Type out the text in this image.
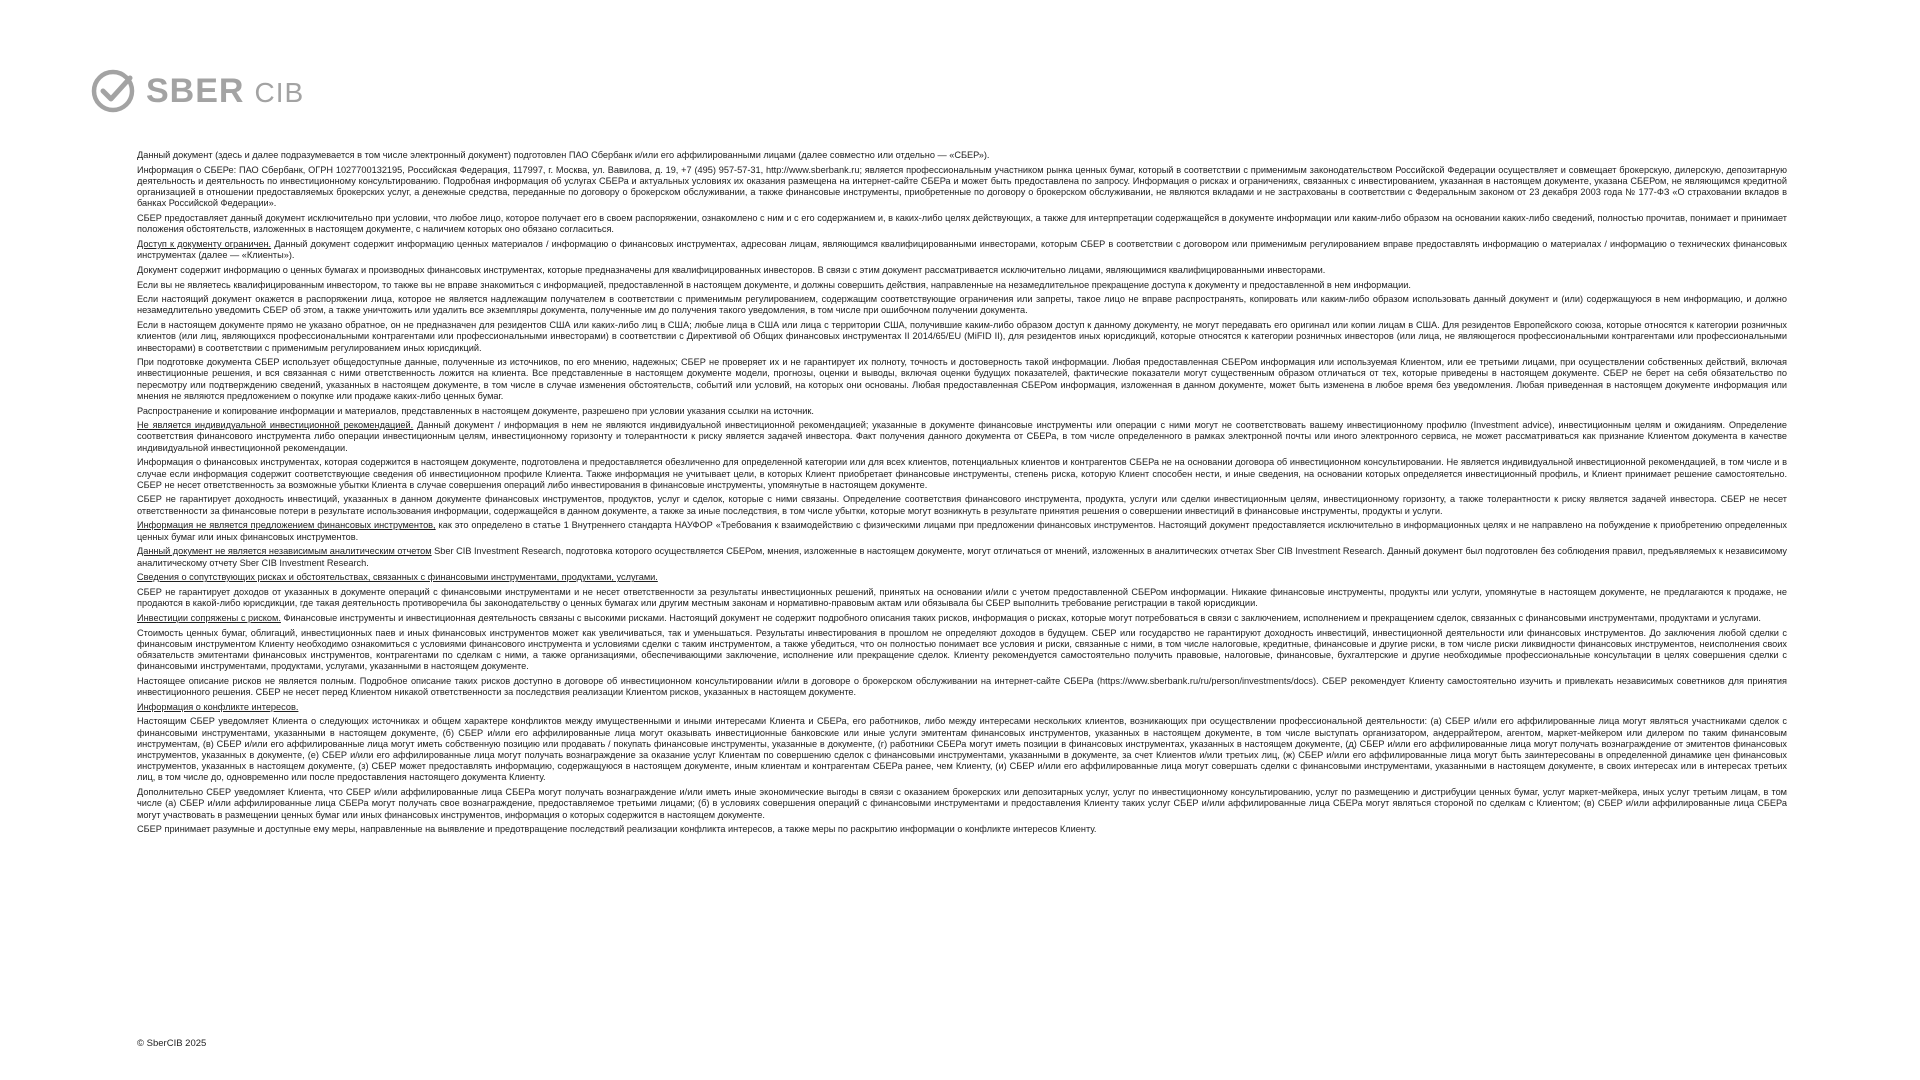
SBER CIB

Данный документ (здесь и далее подразумевается в том числе электронный документ) подготовлен ПАО Сбербанк и/или его аффилированными лицами (далее совместно или отдельно — «СБЕР»).

Информация о СБЕРе: ПАО Сбербанк, ОГРН 1027700132195, Российская Федерация, 117997, г. Москва, ул. Вавилова, д. 19, +7 (495) 957-57-31, http://www.sberbank.ru; является профессиональным участником рынка ценных бумаг, который в соответствии с применимым законодательством Российской Федерации осуществляет и совмещает брокерскую, дилерскую, депозитарную деятельность и деятельность по инвестиционному консультированию. Подробная информация об услугах СБЕРа и актуальных условиях их оказания размещена на интернет-сайте СБЕРа и может быть предоставлена по запросу. Информация о рисках и ограничениях, связанных с инвестированием, указанная в настоящем документе, указана СБЕРом, не являющимся кредитной организацией в отношении предоставляемых брокерских услуг, а денежные средства, переданные по договору о брокерском обслуживании, а также финансовые инструменты, приобретенные по договору о брокерском обслуживании, не являются вкладами и не застрахованы в соответствии с Федеральным законом от 23 декабря 2003 года № 177-ФЗ «О страховании вкладов в банках Российской Федерации».

СБЕР предоставляет данный документ исключительно при условии, что любое лицо, которое получает его в своем распоряжении, ознакомлено с ним и с его содержанием и, в каких-либо целях действующих, а также для интерпретации содержащейся в документе информации или каким-либо образом на основании каких-либо сведений, полностью прочитав, понимает и принимает положения обстоятельств, изложенных в настоящем документе, с наличием которых оно обязано согласиться.

Доступ к документу ограничен. Данный документ содержит информацию ценных материалов / информацию о финансовых инструментах, адресован лицам, являющимся квалифицированными инвесторами, которым СБЕР в соответствии с договором или применимым регулированием вправе предоставлять информацию о материалах / информацию о технических финансовых инструментах (далее — «Клиенты»).

Документ содержит информацию о ценных бумагах и производных финансовых инструментах, которые предназначены для квалифицированных инвесторов. В связи с этим документ рассматривается исключительно лицами, являющимися квалифицированными инвесторами.

Если вы не являетесь квалифицированным инвестором, то также вы не вправе знакомиться с информацией, предоставленной в настоящем документе, и должны совершить действия, направленные на незамедлительное прекращение доступа к документу и предоставленной в нем информации.

Если настоящий документ окажется в распоряжении лица, которое не является надлежащим получателем в соответствии с применимым регулированием, содержащим соответствующие ограничения или запреты, такое лицо не вправе распространять, копировать или каким-либо образом использовать данный документ и (или) содержащуюся в нем информацию, и должно незамедлительно уведомить СБЕР об этом, а также уничтожить или удалить все экземпляры документа, полученные им до получения такого уведомления, в том числе при ошибочном получении документа.

Если в настоящем документе прямо не указано обратное, он не предназначен для резидентов США или каких-либо лиц в США; любые лица в США или лица с территории США, получившие каким-либо образом доступ к данному документу, не могут передавать его оригинал или копии лицам в США. Для резидентов Европейского союза, которые относятся к категории розничных клиентов (или лиц, являющихся профессиональными контрагентами или профессиональными инвесторами) в соответствии с Директивой об Общих финансовых инструментах II 2014/65/EU (MiFID II), для резидентов иных юрисдикций, которые относятся к категории розничных инвесторов (или лица, не являющегося профессиональными контрагентами или профессиональными инвесторами) в соответствии с применимым регулированием иных юрисдикций.

При подготовке документа СБЕР использует общедоступные данные, полученные из источников, по его мнению, надежных; СБЕР не проверяет их и не гарантирует их полноту, точность и достоверность такой информации. Любая предоставленная СБЕРом информация или используемая Клиентом, или ее третьими лицами, при осуществлении собственных действий, включая инвестиционные решения, и вся связанная с ними ответственность ложится на клиента. Все представленные в настоящем документе модели, прогнозы, оценки и выводы, включая оценки будущих показателей, фактические показатели могут существенным образом отличаться от тех, которые приведены в настоящем документе. СБЕР не берет на себя обязательство по пересмотру или подтверждению сведений, указанных в настоящем документе, в том числе в случае изменения обстоятельств, событий или условий, на которых они основаны. Любая предоставленная СБЕРом информация, изложенная в данном документе, может быть изменена в любое время без уведомления. Любая приведенная в настоящем документе информация или мнения не являются предложением о покупке или продаже каких-либо ценных бумаг.

Распространение и копирование информации и материалов, представленных в настоящем документе, разрешено при условии указания ссылки на источник.

Не является индивидуальной инвестиционной рекомендацией. Данный документ / информация в нем не являются индивидуальной инвестиционной рекомендацией; указанные в документе финансовые инструменты или операции с ними могут не соответствовать вашему инвестиционному профилю (Investment advice), инвестиционным целям и ожиданиям. Определение соответствия финансового инструмента либо операции инвестиционным целям, инвестиционному горизонту и толерантности к риску является задачей инвестора. Факт получения данного документа от СБЕРа, в том числе определенного в рамках электронной почты или иного электронного сервиса, не может рассматриваться как признание Клиентом документа в качестве индивидуальной инвестиционной рекомендации.

Информация о финансовых инструментах, которая содержится в настоящем документе, подготовлена и предоставляется обезличенно для определенной категории или для всех клиентов, потенциальных клиентов и контрагентов СБЕРа не на основании договора об инвестиционном консультировании. Не является индивидуальной инвестиционной рекомендацией, в том числе и в случае если информация содержит соответствующие сведения об инвестиционном профиле Клиента. Также информация не учитывает цели, в которых Клиент приобретает финансовые инструменты, степень риска, которую Клиент способен нести, и иные сведения, на основании которых определяется инвестиционный профиль, и Клиент принимает решение самостоятельно. СБЕР не несет ответственность за возможные убытки Клиента в случае совершения операций либо инвестирования в финансовые инструменты, упомянутые в настоящем документе.

СБЕР не гарантирует доходность инвестиций, указанных в данном документе финансовых инструментов, продуктов, услуг и сделок, которые с ними связаны. Определение соответствия финансового инструмента, продукта, услуги или сделки инвестиционным целям, инвестиционному горизонту, а также толерантности к риску является задачей инвестора. СБЕР не несет ответственности за финансовые потери в результате использования информации, содержащейся в данном документе, а также за иные последствия, в том числе убытки, которые могут возникнуть в результате принятия решения о совершении инвестиций в финансовые инструменты, продукты и услуги.

Информация не является предложением финансовых инструментов, как это определено в статье 1 Внутреннего стандарта НАУФОР «Требования к взаимодействию с физическими лицами при предложении финансовых инструментов. Настоящий документ предоставляется исключительно в информационных целях и не направлено на побуждение к приобретению определенных ценных бумаг или иных финансовых инструментов.

Данный документ не является независимым аналитическим отчетом Sber CIB Investment Research, подготовка которого осуществляется СБЕРом, мнения, изложенные в настоящем документе, могут отличаться от мнений, изложенных в аналитических отчетах Sber CIB Investment Research. Данный документ был подготовлен без соблюдения правил, предъявляемых к независимому аналитическому отчету Sber CIB Investment Research.

Сведения о сопутствующих рисках и обстоятельствах, связанных с финансовыми инструментами, продуктами, услугами.

СБЕР не гарантирует доходов от указанных в документе операций с финансовыми инструментами и не несет ответственности за результаты инвестиционных решений, принятых на основании и/или с учетом предоставленной СБЕРом информации. Никакие финансовые инструменты, продукты или услуги, упомянутые в настоящем документе, не предлагаются к продаже, не продаются в какой-либо юрисдикции, где такая деятельность противоречила бы законодательству о ценных бумагах или другим местным законам и нормативно-правовым актам или обязывала бы СБЕР выполнить требование регистрации в такой юрисдикции.

Инвестиции сопряжены с риском. Финансовые инструменты и инвестиционная деятельность связаны с высокими рисками. Настоящий документ не содержит подробного описания таких рисков, информация о рисках, которые могут потребоваться в связи с заключением, исполнением и прекращением сделок, связанных с финансовыми инструментами, продуктами и услугами.

Стоимость ценных бумаг, облигаций, инвестиционных паев и иных финансовых инструментов может как увеличиваться, так и уменьшаться. Результаты инвестирования в прошлом не определяют доходов в будущем. СБЕР или государство не гарантируют доходность инвестиций, инвестиционной деятельности или финансовых инструментов. До заключения любой сделки с финансовым инструментом Клиенту необходимо ознакомиться с условиями финансового инструмента и условиями сделки с таким инструментом, а также убедиться, что он полностью понимает все условия и риски, связанные с ними, в том числе налоговые, кредитные, финансовые и другие риски, в том числе риски ликвидности финансовых инструментов, неисполнения своих обязательств эмитентами финансовых инструментов, контрагентами по сделкам с ними, а также организациями, обеспечивающими заключение, исполнение или прекращение сделок. Клиенту рекомендуется самостоятельно получить правовые, налоговые, финансовые, бухгалтерские и другие необходимые профессиональные консультации в целях совершения сделки с финансовыми инструментами, продуктами, услугами, указанными в настоящем документе.

Настоящее описание рисков не является полным. Подробное описание таких рисков доступно в договоре об инвестиционном консультировании и/или в договоре о брокерском обслуживании на интернет-сайте СБЕРа (https://www.sberbank.ru/ru/person/investments/docs). СБЕР рекомендует Клиенту самостоятельно изучить и привлекать независимых советников для принятия инвестиционного решения. СБЕР не несет перед Клиентом никакой ответственности за последствия реализации Клиентом рисков, указанных в настоящем документе.

Информация о конфликте интересов.

Настоящим СБЕР уведомляет Клиента о следующих источниках и общем характере конфликтов между имущественными и иными интересами Клиента и СБЕРа, его работников, либо между интересами нескольких клиентов, возникающих при осуществлении профессиональной деятельности: (а) СБЕР и/или его аффилированные лица могут являться участниками сделок с финансовыми инструментами, указанными в настоящем документе, (б) СБЕР и/или его аффилированные лица могут оказывать инвестиционные банковские или иные услуги эмитентам финансовых инструментов, указанных в настоящем документе, в том числе выступать организатором, андеррайтером, агентом, маркет-мейкером или дилером по таким финансовым инструментам, (в) СБЕР и/или его аффилированные лица могут иметь собственную позицию или продавать / покупать финансовые инструменты, указанные в документе, (г) работники СБЕРа могут иметь позиции в финансовых инструментах, указанных в настоящем документе, (д) СБЕР и/или его аффилированные лица могут получать вознаграждение от эмитентов финансовых инструментов, указанных в документе, (е) СБЕР и/или его аффилированные лица могут получать вознаграждение за оказание услуг Клиентам по совершению сделок с финансовыми инструментами, указанными в документе, за счет Клиентов и/или третьих лиц, (ж) СБЕР и/или его аффилированные лица могут быть заинтересованы в определенной динамике цен финансовых инструментов, указанных в настоящем документе, (з) СБЕР может предоставлять информацию, содержащуюся в настоящем документе, иным клиентам и контрагентам СБЕРа ранее, чем Клиенту, (и) СБЕР и/или его аффилированные лица могут совершать сделки с финансовыми инструментами, указанными в настоящем документе, в своих интересах или в интересах третьих лиц, в том числе до, одновременно или после предоставления настоящего документа Клиенту.

Дополнительно СБЕР уведомляет Клиента, что СБЕР и/или аффилированные лица СБЕРа могут получать вознаграждение и/или иметь иные экономические выгоды в связи с оказанием брокерских или депозитарных услуг, услуг по инвестиционному консультированию, услуг по размещению и дистрибуции ценных бумаг, услуг маркет-мейкера, иных услуг третьим лицам, в том числе (а) СБЕР и/или аффилированные лица СБЕРа могут получать свое вознаграждение, предоставляемое третьими лицами; (б) в условиях совершения операций с финансовыми инструментами и предоставления Клиенту таких услуг СБЕР и/или аффилированные лица СБЕРа могут являться стороной по сделкам с Клиентом; (в) СБЕР и/или аффилированные лица СБЕРа могут участвовать в размещении ценных бумаг или иных финансовых инструментов, информация о которых содержится в настоящем документе.

СБЕР принимает разумные и доступные ему меры, направленные на выявление и предотвращение последствий реализации конфликта интересов, а также меры по раскрытию информации о конфликте интересов Клиенту.

© SberCIB 2025
